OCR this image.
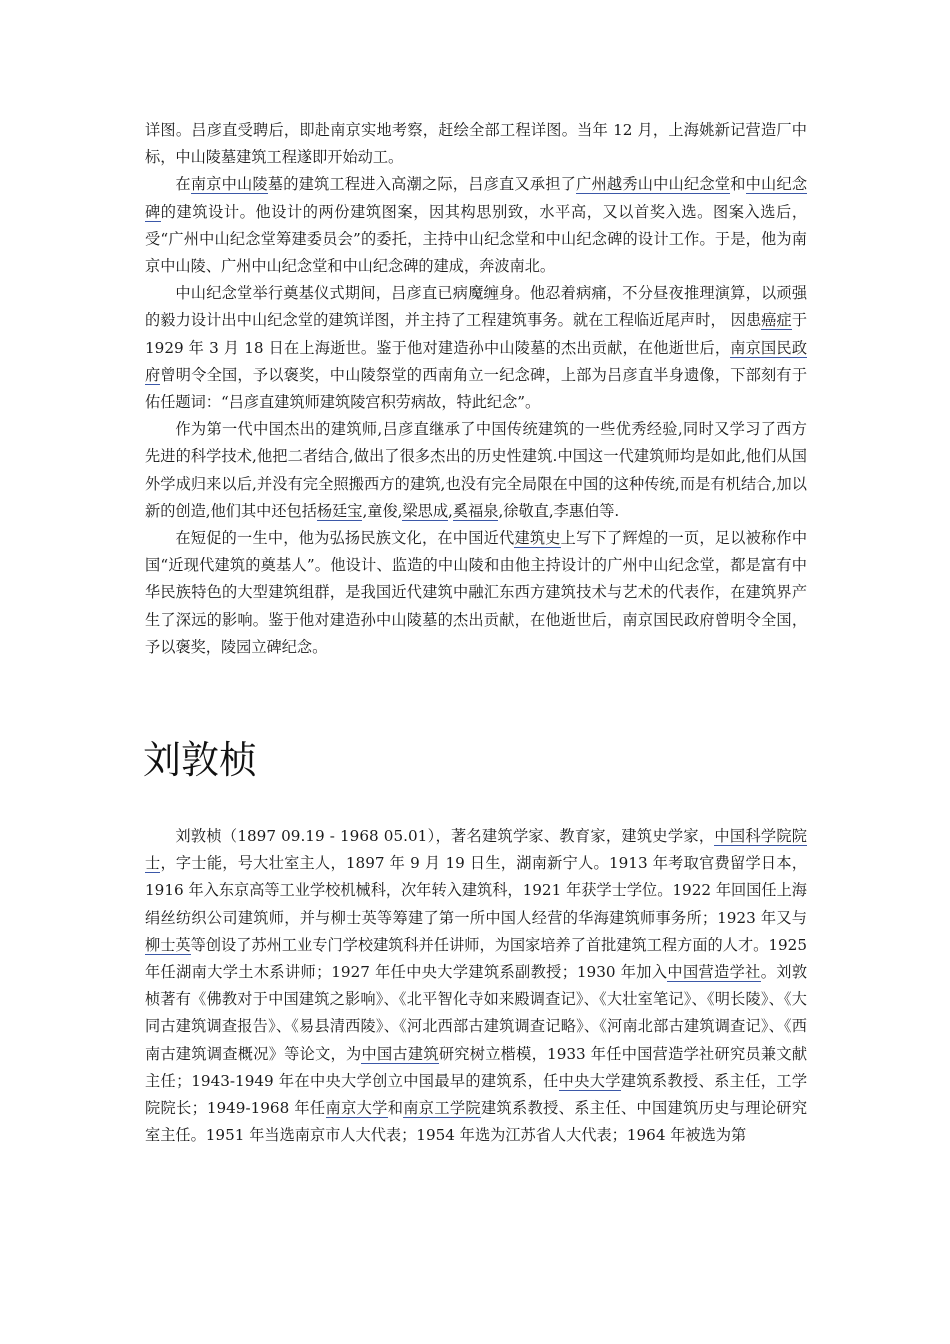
详图。吕彦直受聘后，即赴南京实地考察，赶绘全部工程详图。当年 12 月，上海姚新记营造厂中标，中山陵墓建筑工程遂即开始动工。

在南京中山陵墓的建筑工程进入高潮之际，吕彦直又承担了广州越秀山中山纪念堂和中山纪念碑的建筑设计。他设计的两份建筑图案，因其构思别致，水平高，又以首奖入选。图案入选后，受“广州中山纪念堂筹建委员会”的委托，主持中山纪念堂和中山纪念碑的设计工作。于是，他为南京中山陵、广州中山纪念堂和中山纪念碑的建成，奔波南北。

中山纪念堂举行奠基仪式期间，吕彦直已病魔缠身。他忍着病痛，不分昼夜推理演算，以顽强的毅力设计出中山纪念堂的建筑详图，并主持了工程建筑事务。就在工程临近尾声时， 因患癌症于 1929 年 3 月 18 日在上海逝世。鉴于他对建造孙中山陵墓的杰出贡献，在他逝世后，南京国民政府曾明令全国，予以褒奖，中山陵祭堂的西南角立一纪念碑，上部为吕彦直半身遗像，下部刻有于佑任题词：“吕彦直建筑师建筑陵宫积劳病故，特此纪念”。

作为第一代中国杰出的建筑师,吕彦直继承了中国传统建筑的一些优秀经验,同时又学习了西方先进的科学技术,他把二者结合,做出了很多杰出的历史性建筑.中国这一代建筑师均是如此,他们从国外学成归来以后,并没有完全照搬西方的建筑,也没有完全局限在中国的这种传统,而是有机结合,加以新的创造,他们其中还包括杨廷宝,童俊,梁思成,奚福泉,徐敬直,李惠伯等.

在短促的一生中，他为弘扬民族文化，在中国近代建筑史上写下了辉煌的一页，足以被称作中国“近现代建筑的奠基人”。他设计、监造的中山陵和由他主持设计的广州中山纪念堂，都是富有中华民族特色的大型建筑组群，是我国近代建筑中融汇东西方建筑技术与艺术的代表作，在建筑界产生了深远的影响。鉴于他对建造孙中山陵墓的杰出贡献，在他逝世后，南京国民政府曾明令全国，予以褒奖，陵园立碑纪念。

刘敦桢

刘敦桢（1897 09.19 - 1968 05.01），著名建筑学家、教育家，建筑史学家，中国科学院院士，字士能，号大壮室主人，1897 年 9 月 19 日生，湖南新宁人。1913 年考取官费留学日本，1916 年入东京高等工业学校机械科，次年转入建筑科，1921 年获学士学位。1922 年回国任上海绢丝纺织公司建筑师，并与柳士英等筹建了第一所中国人经营的华海建筑师事务所；1923 年又与柳士英等创设了苏州工业专门学校建筑科并任讲师，为国家培养了首批建筑工程方面的人才。1925 年任湖南大学土木系讲师；1927 年任中央大学建筑系副教授；1930 年加入中国营造学社。刘敦桢著有《佛教对于中国建筑之影响》、《北平智化寺如来殿调查记》、《大壮室笔记》、《明长陵》、《大同古建筑调查报告》、《易县清西陵》、《河北西部古建筑调查记略》、《河南北部古建筑调查记》、《西南古建筑调查概况》等论文，为中国古建筑研究树立楷模，1933 年任中国营造学社研究员兼文献主任；1943-1949 年在中央大学创立中国最早的建筑系，任中央大学建筑系教授、系主任，工学院院长；1949-1968 年任南京大学和南京工学院建筑系教授、系主任、中国建筑历史与理论研究室主任。1951 年当选南京市人大代表；1954 年选为江苏省人大代表；1964 年被选为第
